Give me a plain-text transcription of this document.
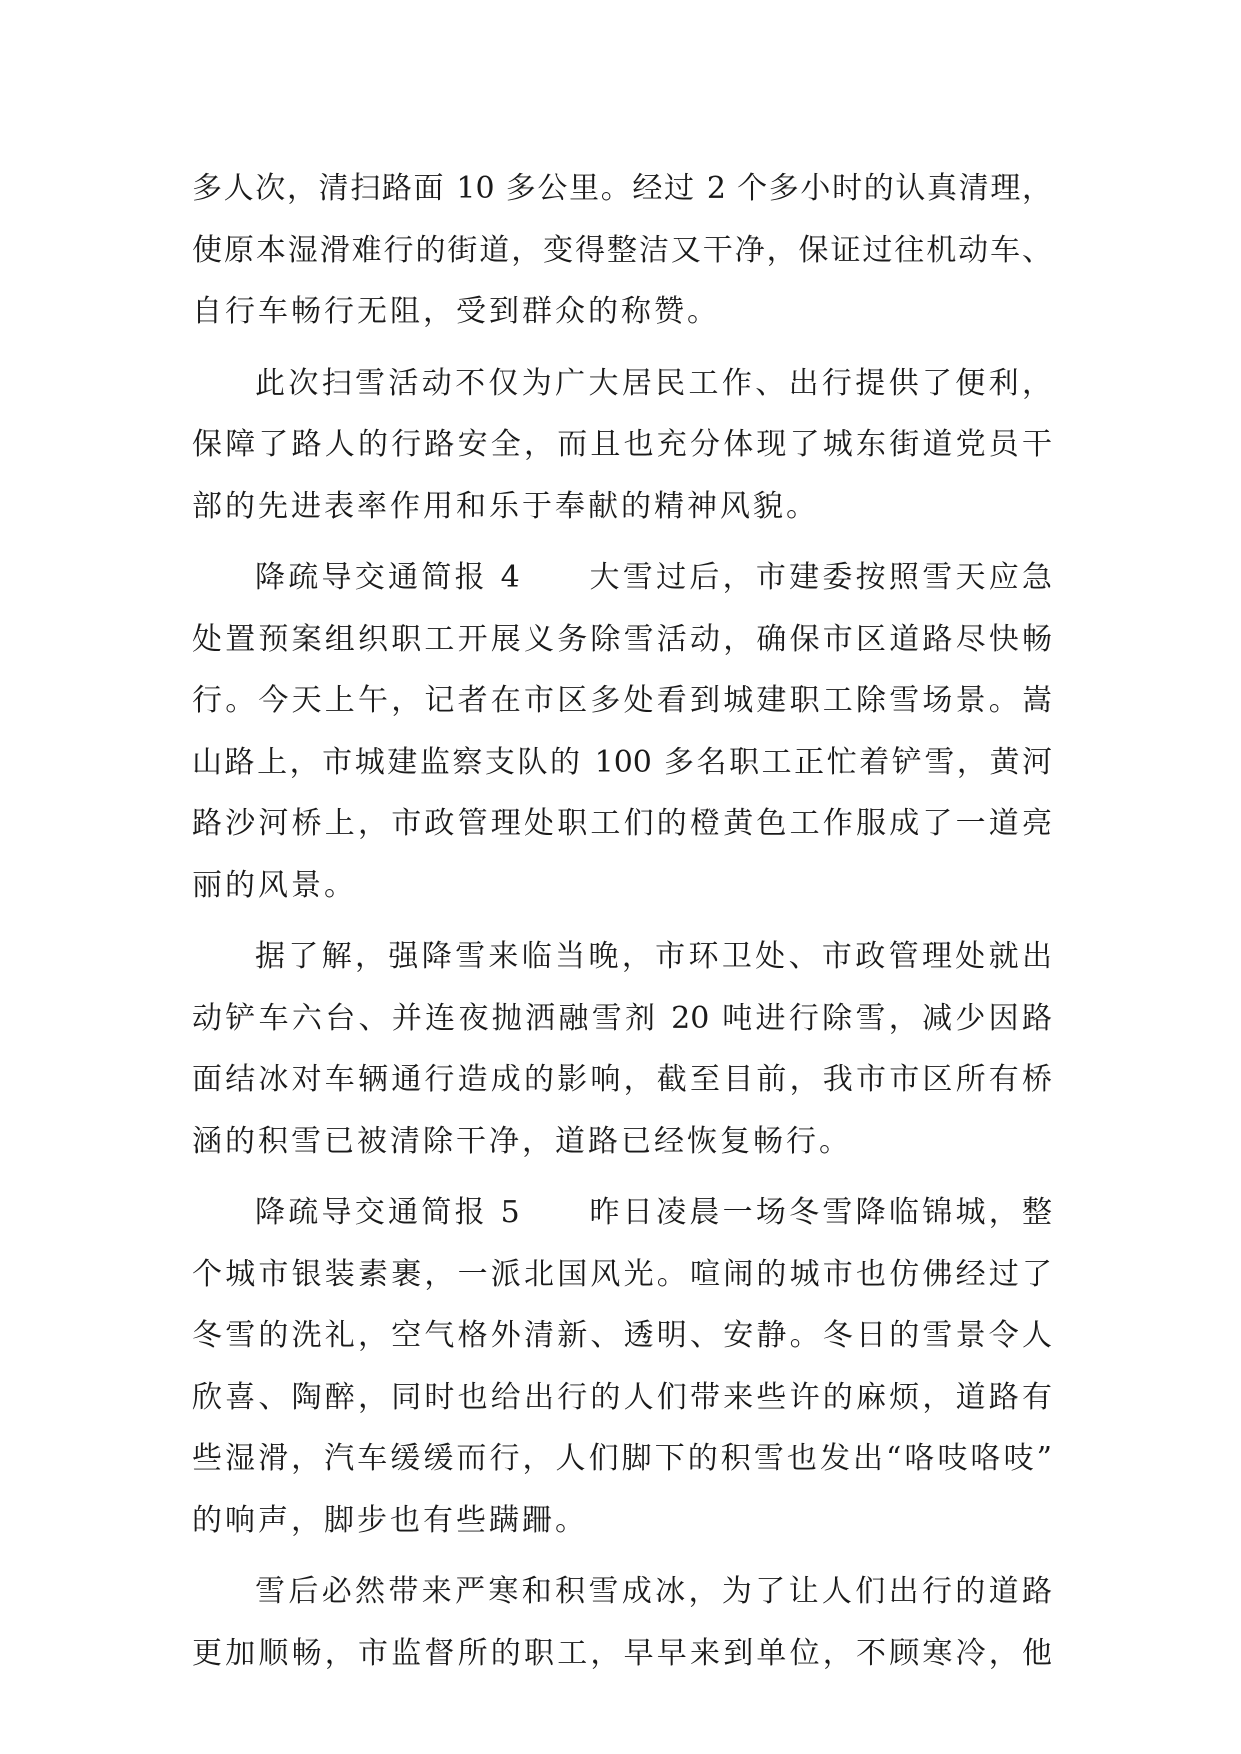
多人次，清扫路面 10 多公里。经过 2 个多小时的认真清理，
使原本湿滑难行的街道，变得整洁又干净，保证过往机动车、
自行车畅行无阻，受到群众的称赞。
此次扫雪活动不仅为广大居民工作、出行提供了便利，
保障了路人的行路安全，而且也充分体现了城东街道党员干
部的先进表率作用和乐于奉献的精神风貌。
降疏导交通简报 4　　大雪过后，市建委按照雪天应急
处置预案组织职工开展义务除雪活动，确保市区道路尽快畅
行。今天上午，记者在市区多处看到城建职工除雪场景。嵩
山路上，市城建监察支队的 100 多名职工正忙着铲雪，黄河
路沙河桥上，市政管理处职工们的橙黄色工作服成了一道亮
丽的风景。
据了解，强降雪来临当晚，市环卫处、市政管理处就出
动铲车六台、并连夜抛洒融雪剂 20 吨进行除雪，减少因路
面结冰对车辆通行造成的影响，截至目前，我市市区所有桥
涵的积雪已被清除干净，道路已经恢复畅行。
降疏导交通简报 5　　昨日凌晨一场冬雪降临锦城，整
个城市银装素裹，一派北国风光。喧闹的城市也仿佛经过了
冬雪的洗礼，空气格外清新、透明、安静。冬日的雪景令人
欣喜、陶醉，同时也给出行的人们带来些许的麻烦，道路有
些湿滑，汽车缓缓而行，人们脚下的积雪也发出“咯吱咯吱”
的响声，脚步也有些蹒跚。
雪后必然带来严寒和积雪成冰，为了让人们出行的道路
更加顺畅，市监督所的职工，早早来到单位，不顾寒冷，他
